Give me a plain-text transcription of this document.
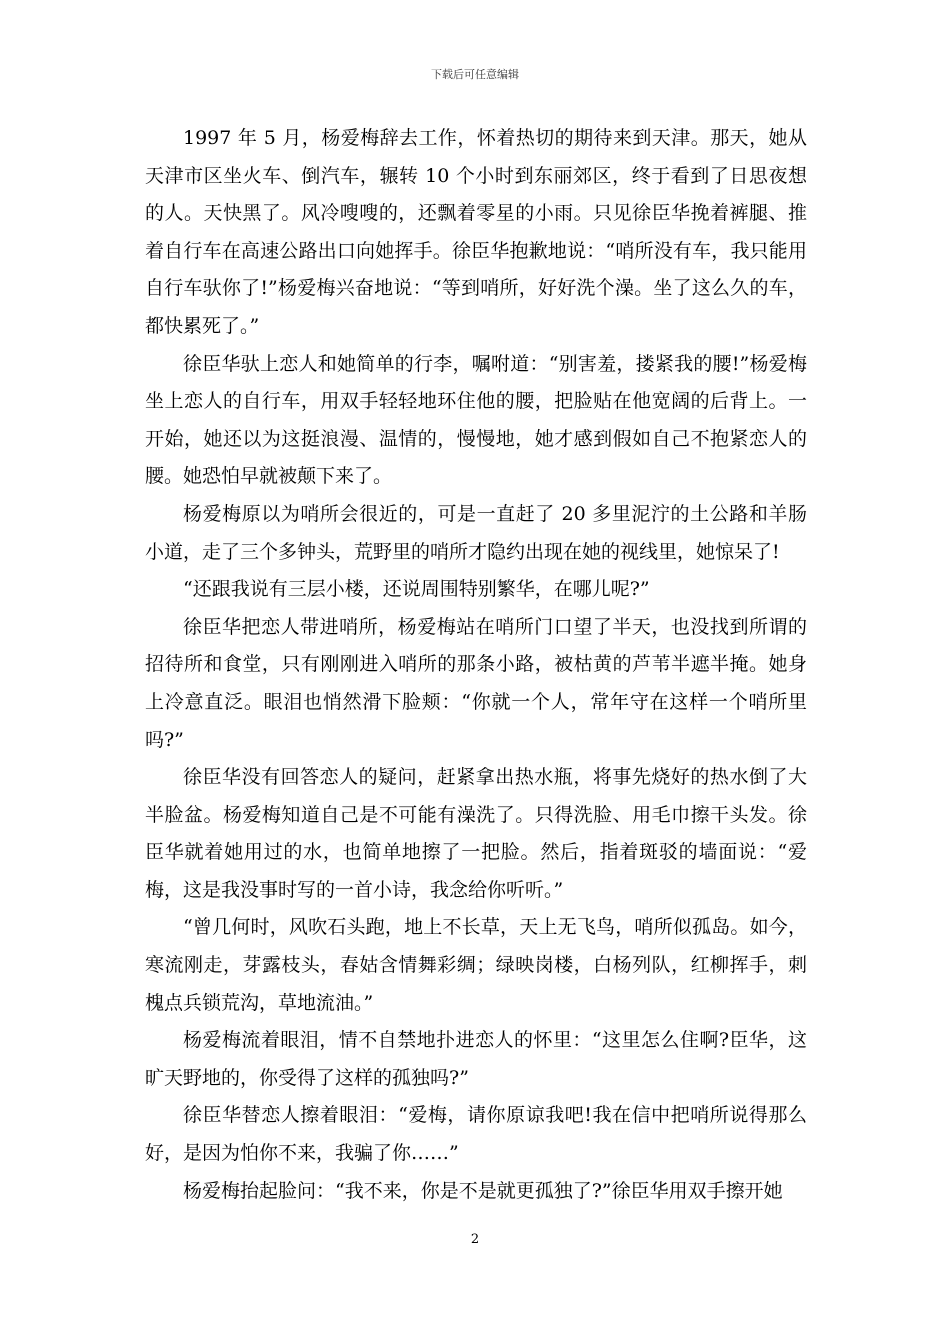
下载后可任意编辑

1997 年 5 月，杨爱梅辞去工作，怀着热切的期待来到天津。那天，她从天津市区坐火车、倒汽车，辗转 10 个小时到东丽郊区，终于看到了日思夜想的人。天快黑了。风冷嗖嗖的，还飘着零星的小雨。只见徐臣华挽着裤腿、推着自行车在高速公路出口向她挥手。徐臣华抱歉地说：“哨所没有车，我只能用自行车驮你了!”杨爱梅兴奋地说：“等到哨所，好好洗个澡。坐了这么久的车，都快累死了。”

徐臣华驮上恋人和她简单的行李，嘱咐道：“别害羞，搂紧我的腰!”杨爱梅坐上恋人的自行车，用双手轻轻地环住他的腰，把脸贴在他宽阔的后背上。一开始，她还以为这挺浪漫、温情的，慢慢地，她才感到假如自己不抱紧恋人的腰。她恐怕早就被颠下来了。

杨爱梅原以为哨所会很近的，可是一直赶了 20 多里泥泞的土公路和羊肠小道，走了三个多钟头，荒野里的哨所才隐约出现在她的视线里，她惊呆了!

“还跟我说有三层小楼，还说周围特别繁华，在哪儿呢?”

徐臣华把恋人带进哨所，杨爱梅站在哨所门口望了半天，也没找到所谓的招待所和食堂，只有刚刚进入哨所的那条小路，被枯黄的芦苇半遮半掩。她身上冷意直泛。眼泪也悄然滑下脸颊：“你就一个人，常年守在这样一个哨所里吗?”

徐臣华没有回答恋人的疑问，赶紧拿出热水瓶，将事先烧好的热水倒了大半脸盆。杨爱梅知道自己是不可能有澡洗了。只得洗脸、用毛巾擦干头发。徐臣华就着她用过的水，也简单地擦了一把脸。然后，指着斑驳的墙面说：“爱梅，这是我没事时写的一首小诗，我念给你听听。”

“曾几何时，风吹石头跑，地上不长草，天上无飞鸟，哨所似孤岛。如今，寒流刚走，芽露枝头，春姑含情舞彩绸；绿映岗楼，白杨列队，红柳挥手，刺槐点兵锁荒沟，草地流油。”

杨爱梅流着眼泪，情不自禁地扑进恋人的怀里：“这里怎么住啊?臣华，这旷天野地的，你受得了这样的孤独吗?”

徐臣华替恋人擦着眼泪：“爱梅，请你原谅我吧!我在信中把哨所说得那么好，是因为怕你不来，我骗了你……”

杨爱梅抬起脸问：“我不来，你是不是就更孤独了?”徐臣华用双手擦开她

2
